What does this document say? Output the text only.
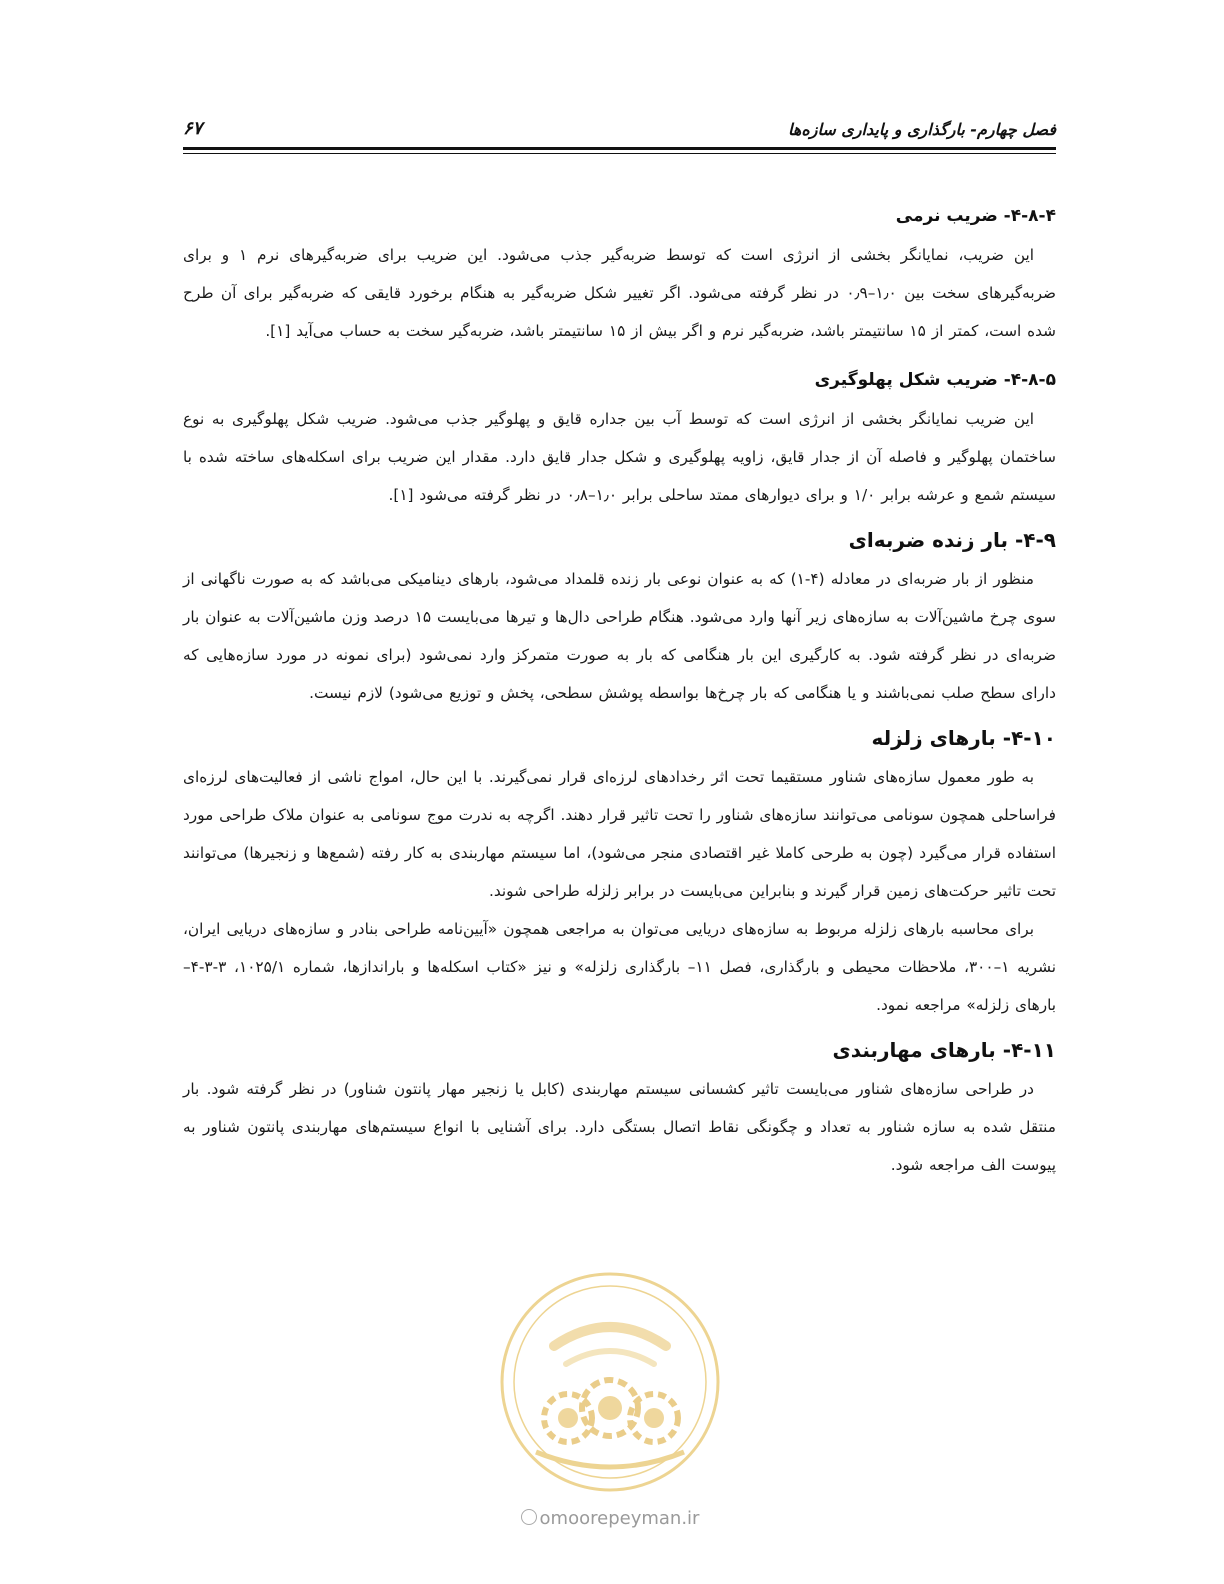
فصل چهارم- بارگذاری و پایداری سازه‌ها
۶۷
۴-۸-۴- ضریب نرمی

این ضریب، نمایانگر بخشی از انرژی است که توسط ضربه‌گیر جذب می‌شود. این ضریب برای ضربه‌گیرهای نرم ۱ و برای ضربه‌گیرهای سخت بین ۱٫۰–۰٫۹ در نظر گرفته می‌شود. اگر تغییر شکل ضربه‌گیر به هنگام برخورد قایقی که ضربه‌گیر برای آن طرح شده است، کمتر از ۱۵ سانتیمتر باشد، ضربه‌گیر نرم و اگر بیش از ۱۵ سانتیمتر باشد، ضربه‌گیر سخت به حساب می‌آید [۱].

۴-۸-۵- ضریب شکل پهلوگیری

این ضریب نمایانگر بخشی از انرژی است که توسط آب بین جداره قایق و پهلوگیر جذب می‌شود. ضریب شکل پهلوگیری به نوع ساختمان پهلوگیر و فاصله آن از جدار قایق، زاویه پهلوگیری و شکل جدار قایق دارد. مقدار این ضریب برای اسکله‌های ساخته شده با سیستم شمع و عرشه برابر ۱/۰ و برای دیوارهای ممتد ساحلی برابر ۱٫۰–۰٫۸ در نظر گرفته می‌شود [۱].

۴-۹- بار زنده ضربه‌ای

منظور از بار ضربه‌ای در معادله (۴-۱) که به عنوان نوعی بار زنده قلمداد می‌شود، بارهای دینامیکی می‌باشد که به صورت ناگهانی از سوی چرخ ماشین‌آلات به سازه‌های زیر آنها وارد می‌شود. هنگام طراحی دال‌ها و تیرها می‌بایست ۱۵ درصد وزن ماشین‌آلات به عنوان بار ضربه‌ای در نظر گرفته شود. به کارگیری این بار هنگامی که بار به صورت متمرکز وارد نمی‌شود (برای نمونه در مورد سازه‌هایی که دارای سطح صلب نمی‌باشند و یا هنگامی که بار چرخ‌ها بواسطه پوشش سطحی، پخش و توزیع می‌شود) لازم نیست.

۴-۱۰- بارهای زلزله

به طور معمول سازه‌های شناور مستقیما تحت اثر رخدادهای لرزه‌ای قرار نمی‌گیرند. با این حال، امواج ناشی از فعالیت‌های لرزه‌ای فراساحلی همچون سونامی می‌توانند سازه‌های شناور را تحت تاثیر قرار دهند. اگرچه به ندرت موج سونامی به عنوان ملاک طراحی مورد استفاده قرار می‌گیرد (چون به طرحی کاملا غیر اقتصادی منجر می‌شود)، اما سیستم مهاربندی به کار رفته (شمع‌ها و زنجیرها) می‌توانند تحت تاثیر حرکت‌های زمین قرار گیرند و بنابراین می‌بایست در برابر زلزله طراحی شوند.

برای محاسبه بارهای زلزله مربوط به سازه‌های دریایی می‌توان به مراجعی همچون «آیین‌نامه طراحی بنادر و سازه‌های دریایی ایران، نشریه ۱–۳۰۰، ملاحظات محیطی و بارگذاری، فصل ۱۱– بارگذاری زلزله» و نیز «کتاب اسکله‌ها و باراندازها، شماره ۱۰۲۵/۱، ۳-۳-۴– بارهای زلزله» مراجعه نمود.

۴-۱۱- بارهای مهاربندی

در طراحی سازه‌های شناور می‌بایست تاثیر کشسانی سیستم مهاربندی (کابل یا زنجیر مهار پانتون شناور) در نظر گرفته شود. بار منتقل شده به سازه شناور به تعداد و چگونگی نقاط اتصال بستگی دارد. برای آشنایی با انواع سیستم‌های مهاربندی پانتون شناور به پیوست الف مراجعه شود.

omoorepeyman.ir
